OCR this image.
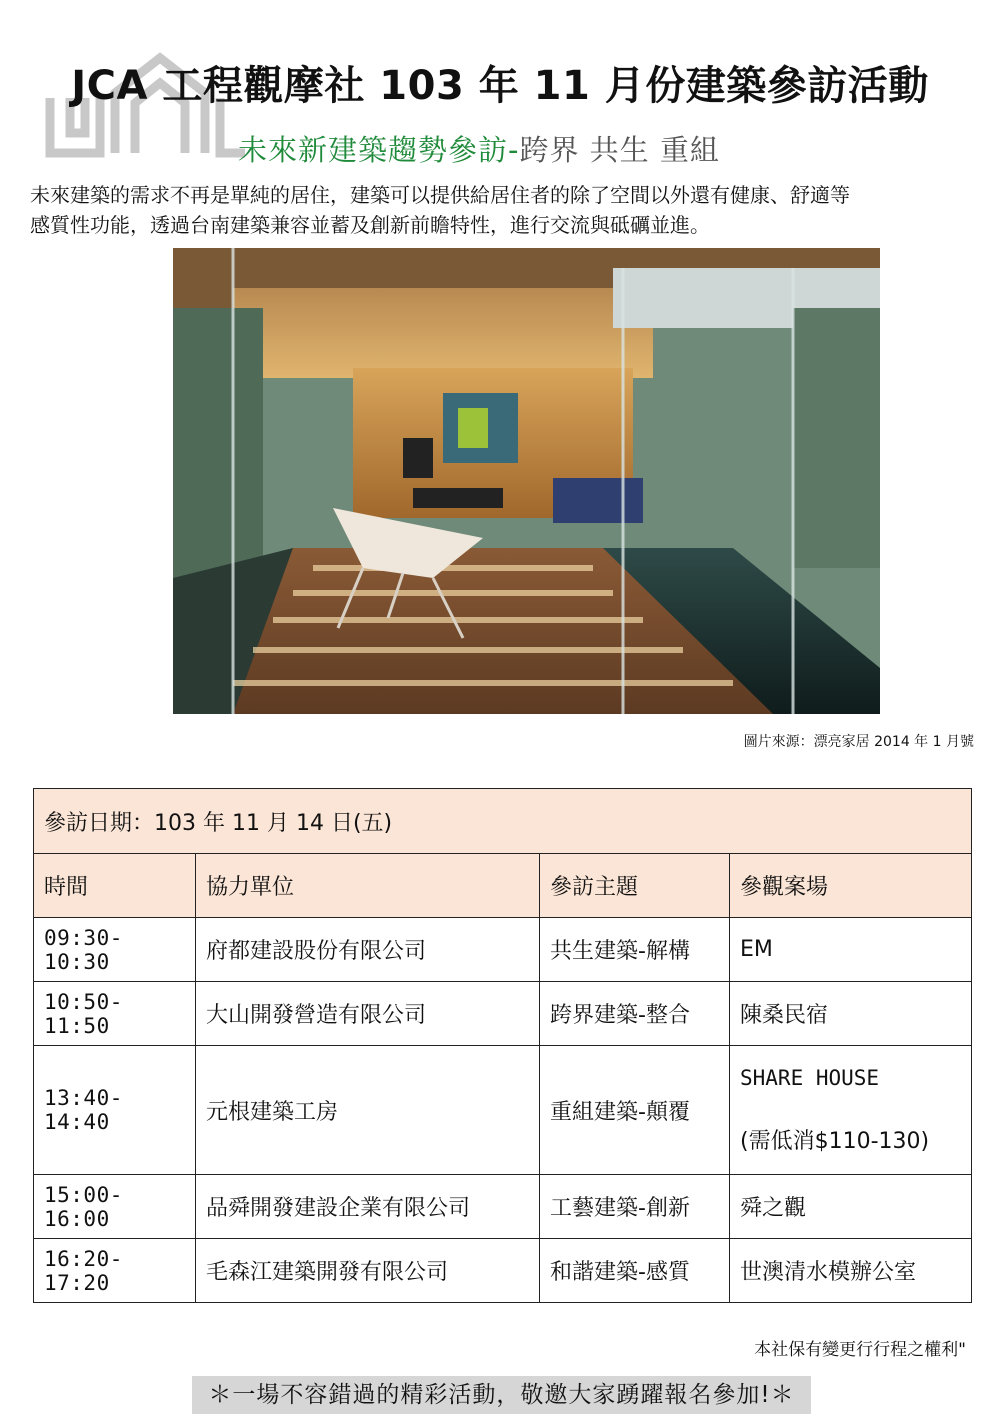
JCA 工程觀摩社 103 年 11 月份建築參訪活動
未來新建築趨勢參訪-跨界 共生 重組
未來建築的需求不再是單純的居住，建築可以提供給居住者的除了空間以外還有健康、舒適等
感質性功能，透過台南建築兼容並蓄及創新前瞻特性，進行交流與砥礪並進。
圖片來源：漂亮家居 2014 年 1 月號
參訪日期：103 年 11 月 14 日(五)			
時間	協力單位	參訪主題	參觀案場
09:30-10:30	府都建設股份有限公司	共生建築-解構	EM
10:50-11:50	大山開發營造有限公司	跨界建築-整合	陳桑民宿
13:40-14:40	元根建築工房	重組建築-顛覆	SHARE HOUSE
(需低消$110-130)

15:00-16:00	品舜開發建設企業有限公司	工藝建築-創新	舜之觀
16:20-17:20	毛森江建築開發有限公司	和諧建築-感質	世澳清水模辦公室
本社保有變更行行程之權利"
＊一場不容錯過的精彩活動，敬邀大家踴躍報名參加!＊
